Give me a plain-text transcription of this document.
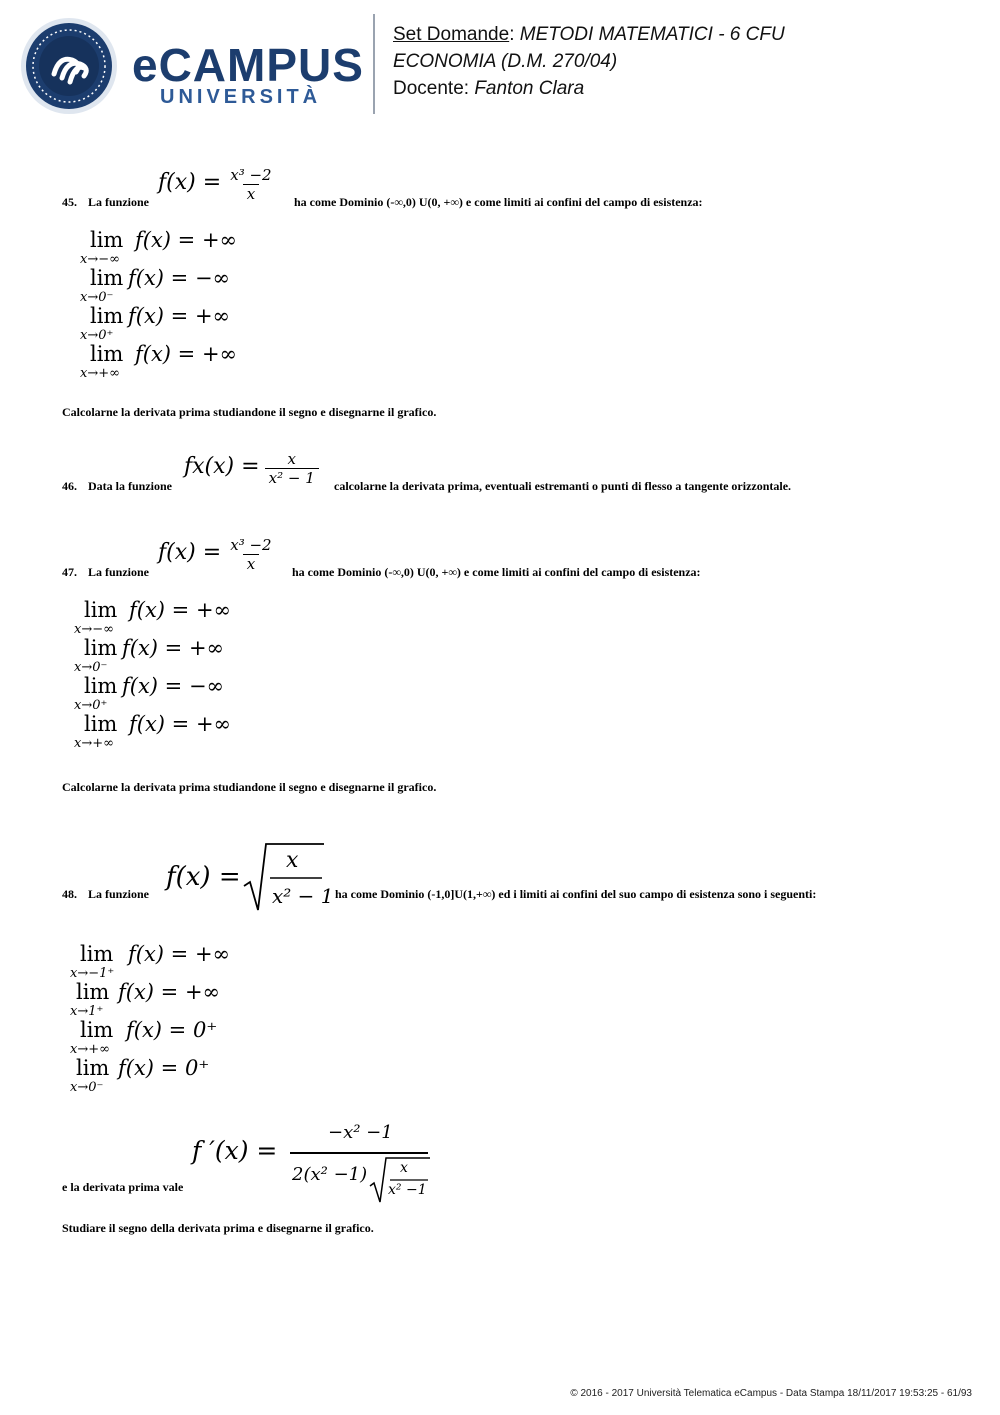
eCAMPUS
UNIVERSITÀ
Set Domande: METODI MATEMATICI - 6 CFU
ECONOMIA (D.M. 270/04)
Docente: Fanton Clara
45. La funzione
$f(x) = \frac{\text{x³ −2}}{x}$ ha come Dominio (-∞,0) U(0, +∞) e come limiti ai confini del campo di esistenza:
lim
x→−∞
f(x) = +∞
lim
x→0⁻
f(x) = −∞
lim
x→0⁺
f(x) = +∞
lim
x→+∞
f(x) = +∞
Calcolarne la derivata prima studiandone il segno e disegnarne il grafico.
46. Data la funzione
$fx(x) = \frac{x}{\text{x² − 1}}$ calcolarne la derivata prima, eventuali estremanti o punti di flesso a tangente orizzontale.
47. La funzione
$f(x) = \frac{\text{x³ −2}}{x}$ ha come Dominio (-∞,0) U(0, +∞) e come limiti ai confini del campo di esistenza:
lim
x→−∞
f(x) = +∞
lim
x→0⁻
f(x) = +∞
lim
x→0⁺
f(x) = −∞
lim
x→+∞
f(x) = +∞
Calcolarne la derivata prima studiandone il segno e disegnarne il grafico.
48. La funzione
f(x) =
x
x² − 1 ha come Dominio (-1,0]U(1,+∞) ed i limiti ai confini del suo campo di esistenza sono i seguenti:
lim
x→−1⁺
f(x) = +∞
lim
x→1⁺
f(x) = +∞
lim
x→+∞
f(x) = 0⁺
lim
x→0⁻
f(x) = 0⁺
e la derivata prima vale
f ′(x) =
−x² −1
2(x² −1) x
x² −1
Studiare il segno della derivata prima e disegnarne il grafico.
© 2016 - 2017 Università Telematica eCampus - Data Stampa 18/11/2017 19:53:25 - 61/93
